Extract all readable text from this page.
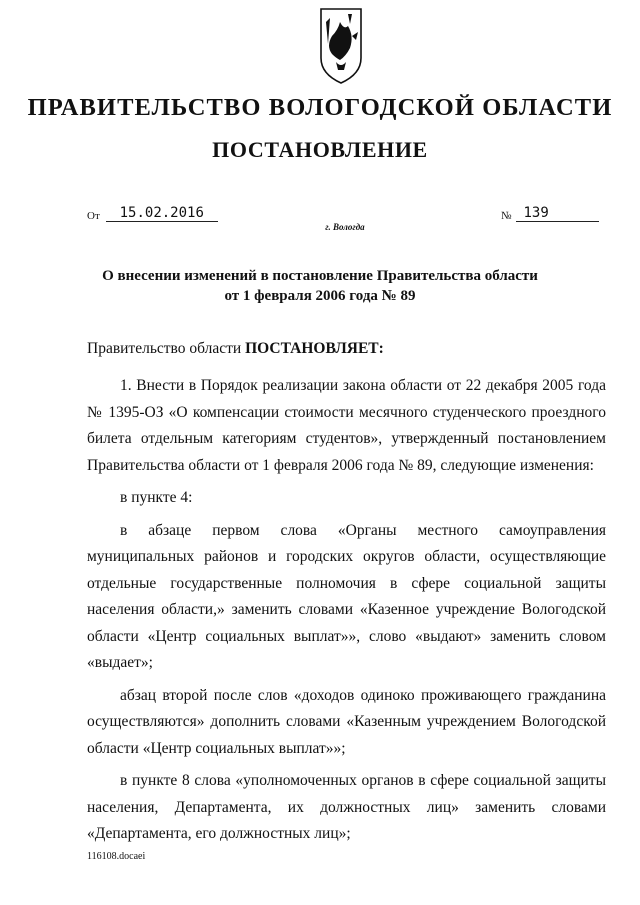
ПРАВИТЕЛЬСТВО ВОЛОГОДСКОЙ ОБЛАСТИ
ПОСТАНОВЛЕНИЕ
От 15.02.2016	№ 139
г. Вологда
О внесении изменений в постановление Правительства области
от 1 февраля 2006 года № 89
Правительство области ПОСТАНОВЛЯЕТ:

1. Внести в Порядок реализации закона области от 22 декабря 2005 года № 1395-ОЗ «О компенсации стоимости месячного студенческого проездного билета отдельным категориям студентов», утвержденный постановлением Правительства области от 1 февраля 2006 года № 89, следующие изменения:

в пункте 4:

в абзаце первом слова «Органы местного самоуправления муниципальных районов и городских округов области, осуществляющие отдельные государственные полномочия в сфере социальной защиты населения области,» заменить словами «Казенное учреждение Вологодской области «Центр социальных выплат»», слово «выдают» заменить словом «выдает»;

абзац второй после слов «доходов одиноко проживающего гражданина осуществляются» дополнить словами «Казенным учреждением Вологодской области «Центр социальных выплат»»;

в пункте 8 слова «уполномоченных органов в сфере социальной защиты населения, Департамента, их должностных лиц» заменить словами «Департамента, его должностных лиц»;

116108.docaei
